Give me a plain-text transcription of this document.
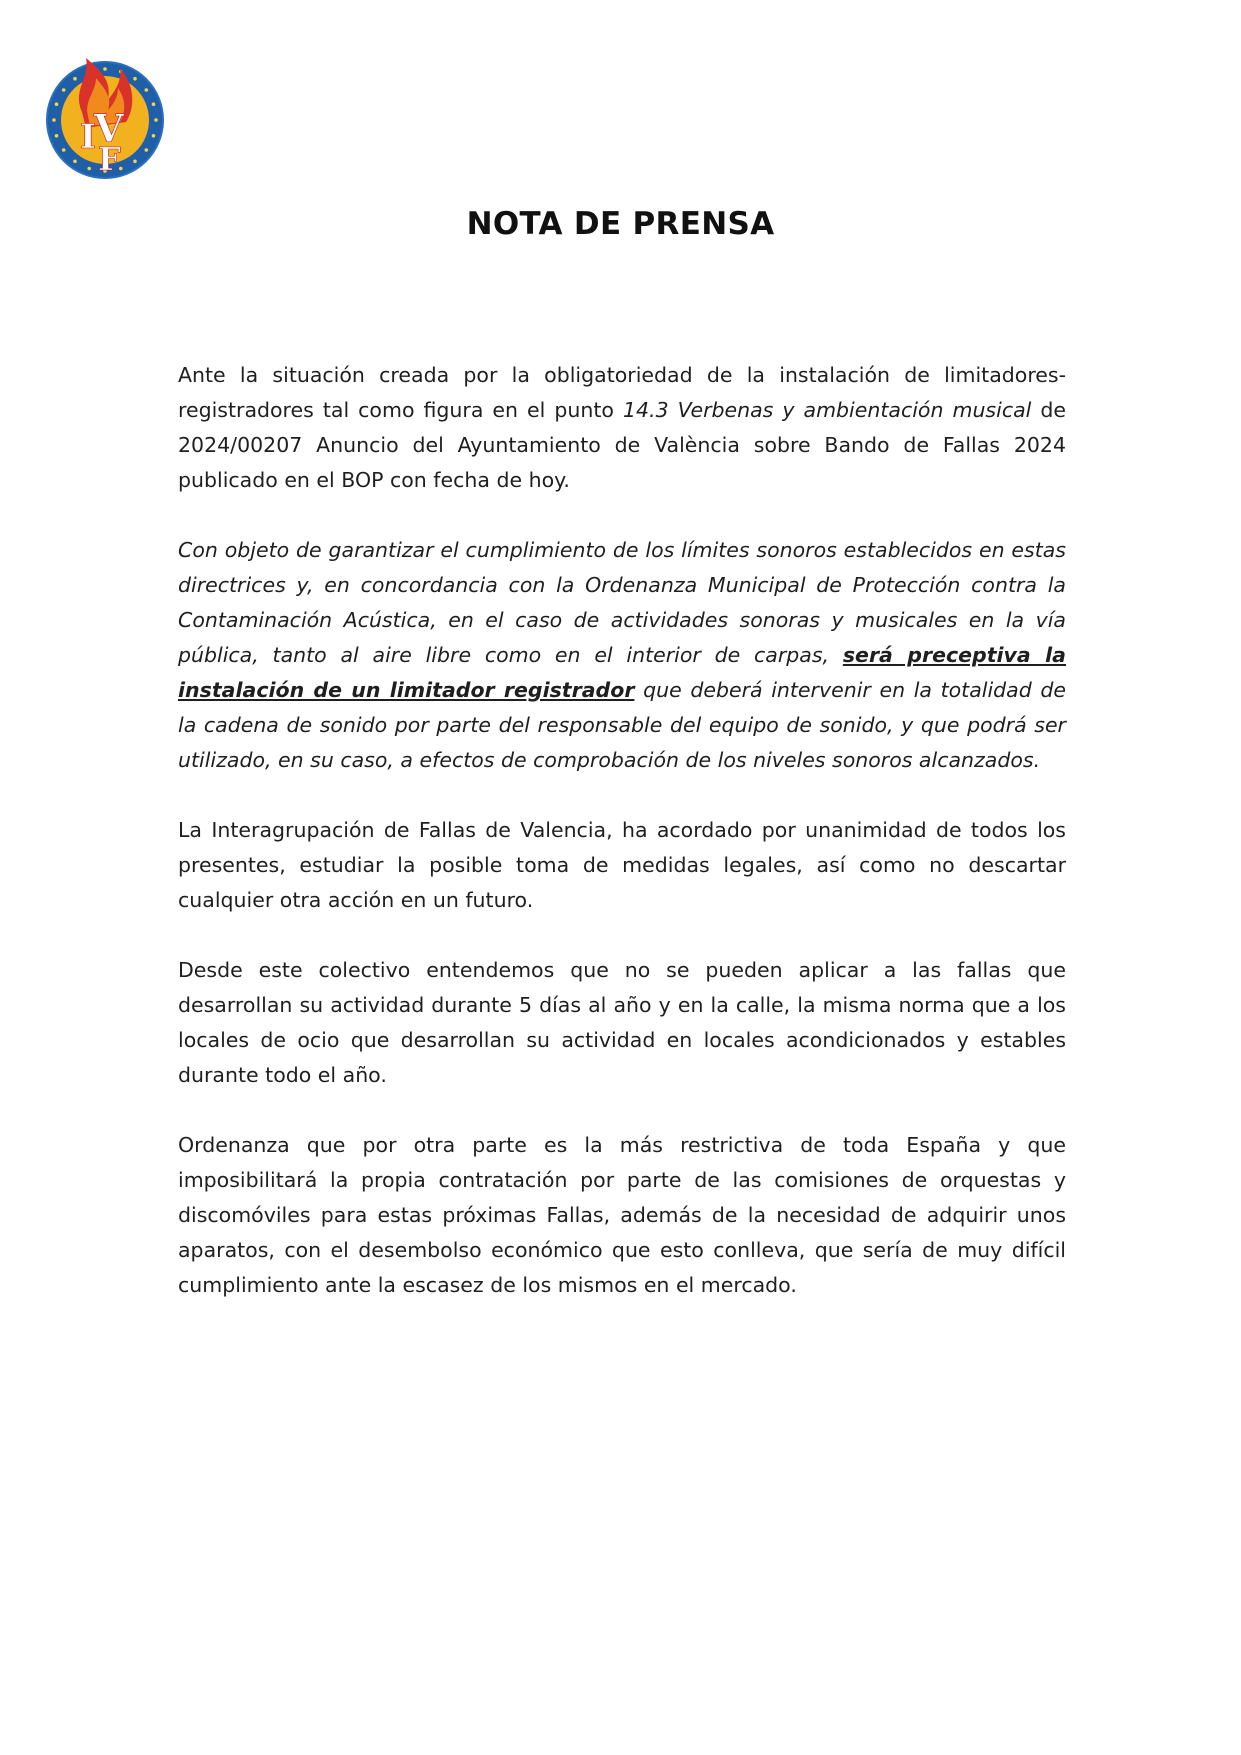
I
V
F
NOTA DE PRENSA

Ante la situación creada por la obligatoriedad de la instalación de limitadores-registradores tal como figura en el punto 14.3 Verbenas y ambientación musical de 2024/00207 Anuncio del Ayuntamiento de València sobre Bando de Fallas 2024 publicado en el BOP con fecha de hoy.

Con objeto de garantizar el cumplimiento de los límites sonoros establecidos en estas directrices y, en concordancia con la Ordenanza Municipal de Protección contra la Contaminación Acústica, en el caso de actividades sonoras y musicales en la vía pública, tanto al aire libre como en el interior de carpas, será preceptiva la instalación de un limitador registrador que deberá intervenir en la totalidad de la cadena de sonido por parte del responsable del equipo de sonido, y que podrá ser utilizado, en su caso, a efectos de comprobación de los niveles sonoros alcanzados.

La Interagrupación de Fallas de Valencia, ha acordado por unanimidad de todos los presentes, estudiar la posible toma de medidas legales, así como no descartar cualquier otra acción en un futuro.

Desde este colectivo entendemos que no se pueden aplicar a las fallas que desarrollan su actividad durante 5 días al año y en la calle, la misma norma que a los locales de ocio que desarrollan su actividad en locales acondicionados y estables durante todo el año.

Ordenanza que por otra parte es la más restrictiva de toda España y que imposibilitará la propia contratación por parte de las comisiones de orquestas y discomóviles para estas próximas Fallas, además de la necesidad de adquirir unos aparatos, con el desembolso económico que esto conlleva, que sería de muy difícil cumplimiento ante la escasez de los mismos en el mercado.
